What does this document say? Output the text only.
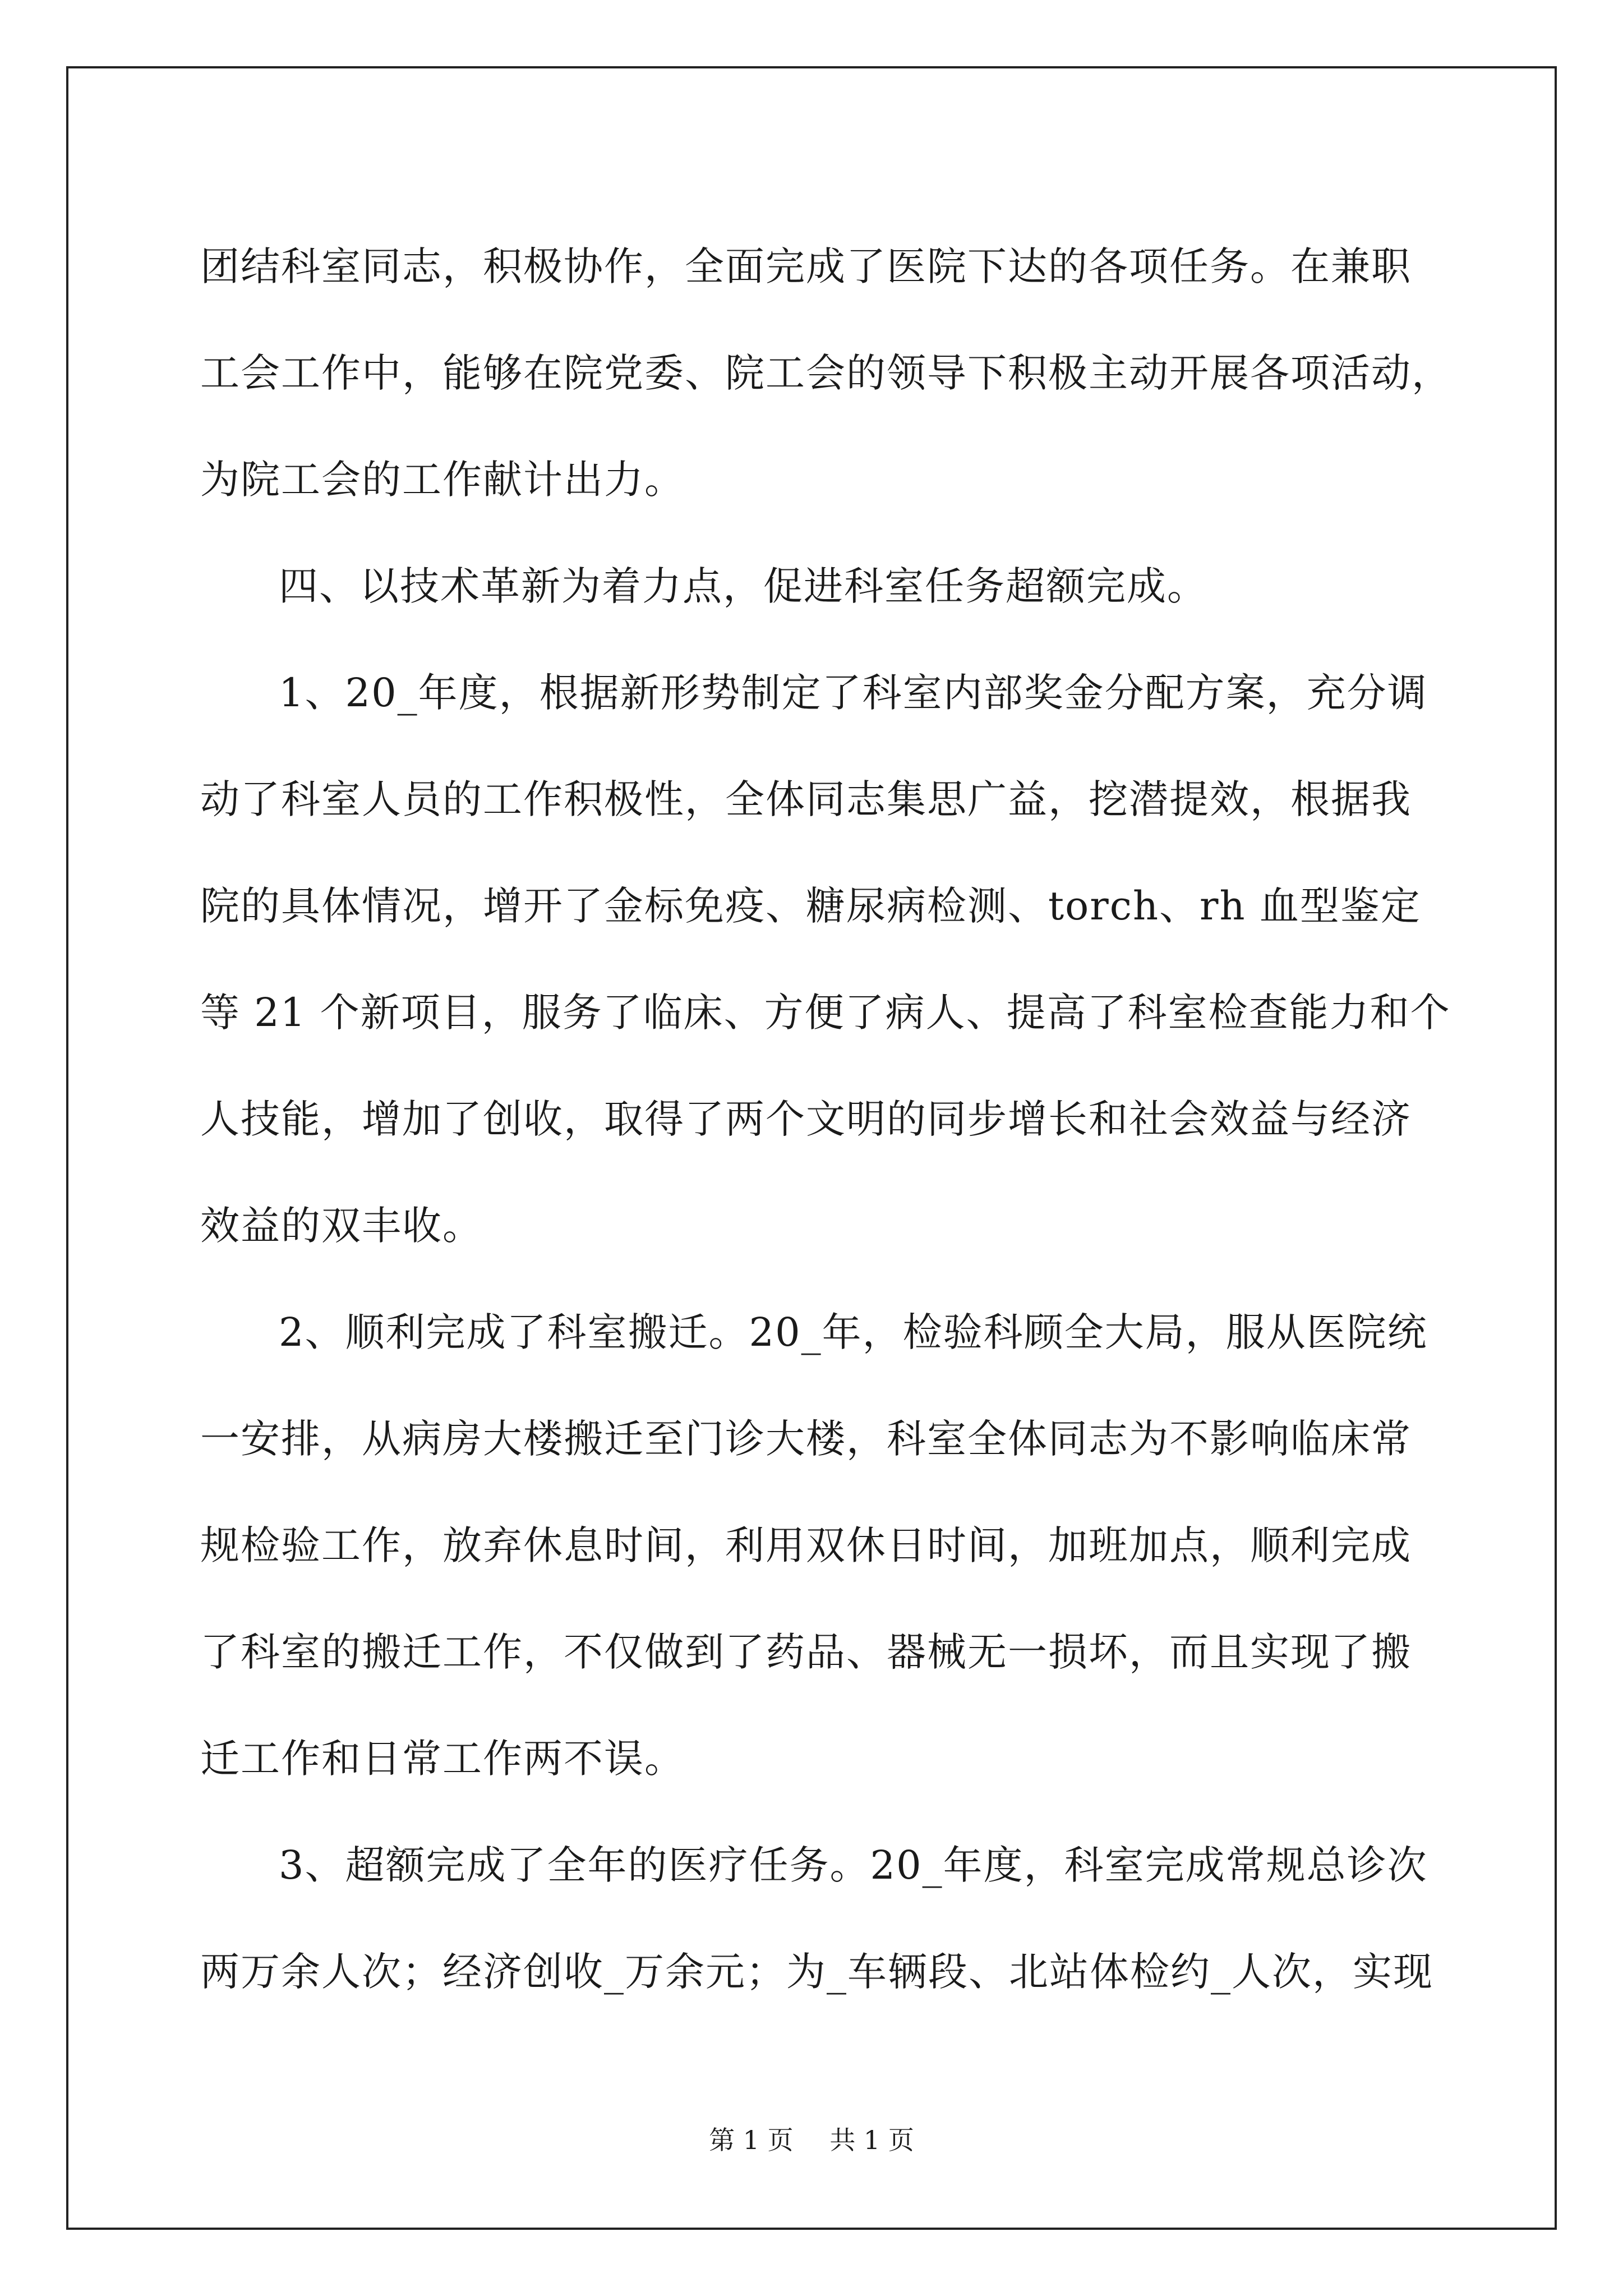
团结科室同志，积极协作，全面完成了医院下达的各项任务。在兼职
工会工作中，能够在院党委、院工会的领导下积极主动开展各项活动，
为院工会的工作献计出力。
四、以技术革新为着力点，促进科室任务超额完成。
1、20_年度，根据新形势制定了科室内部奖金分配方案，充分调
动了科室人员的工作积极性，全体同志集思广益，挖潜提效，根据我
院的具体情况，增开了金标免疫、糖尿病检测、torch、rh 血型鉴定
等 21 个新项目，服务了临床、方便了病人、提高了科室检查能力和个
人技能，增加了创收，取得了两个文明的同步增长和社会效益与经济
效益的双丰收。
2、顺利完成了科室搬迁。20_年，检验科顾全大局，服从医院统
一安排，从病房大楼搬迁至门诊大楼，科室全体同志为不影响临床常
规检验工作，放弃休息时间，利用双休日时间，加班加点，顺利完成
了科室的搬迁工作，不仅做到了药品、器械无一损坏，而且实现了搬
迁工作和日常工作两不误。
3、超额完成了全年的医疗任务。20_年度，科室完成常规总诊次
两万余人次；经济创收_万余元；为_车辆段、北站体检约_人次，实现
第 1 页 共 1 页
